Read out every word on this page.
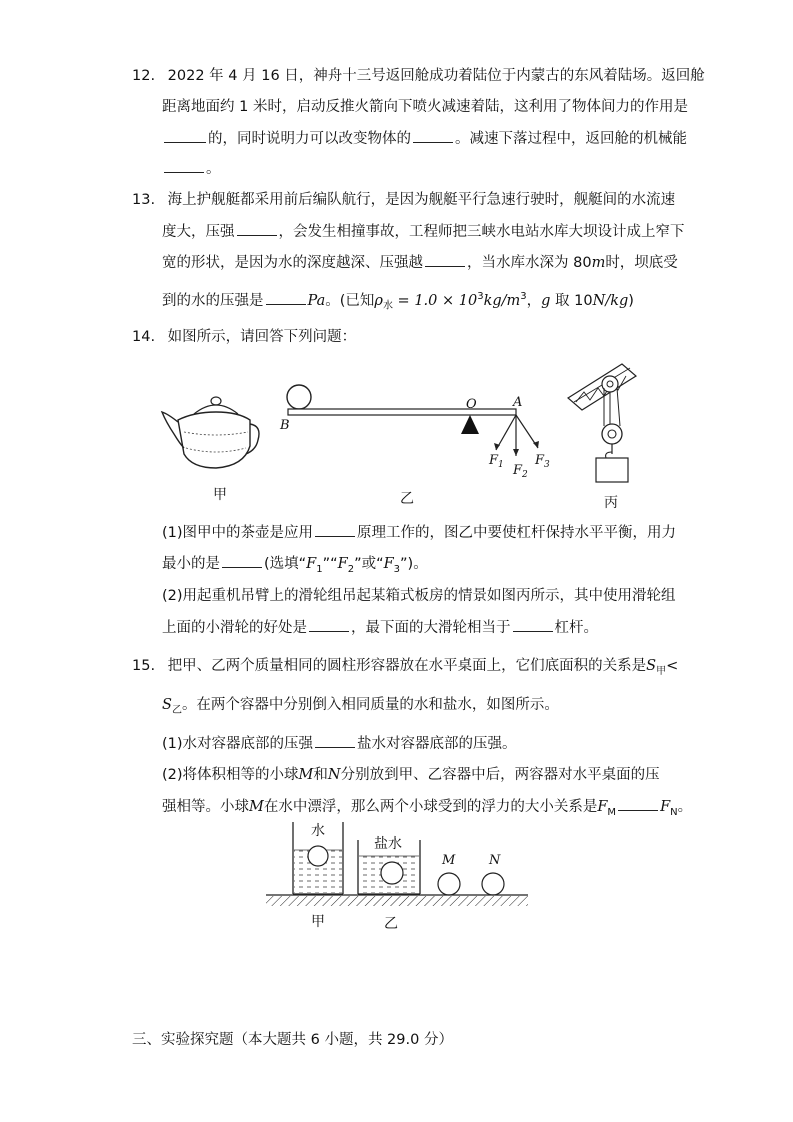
12. 2022 年 4 月 16 日，神舟十三号返回舱成功着陆位于内蒙古的东风着陆场。返回舱
距离地面约 1 米时，启动反推火箭向下喷火减速着陆，这利用了物体间力的作用是
的，同时说明力可以改变物体的	。减速下落过程中，返回舱的机械能
。
13. 海上护舰艇都采用前后编队航行，是因为舰艇平行急速行驶时，舰艇间的水流速
度大，压强	，会发生相撞事故，工程师把三峡水电站水库大坝设计成上窄下
宽的形状，是因为水的深度越深、压强越	，当水库水深为 80m时，坝底受
到的水的压强是	Pa。(已知$\rho_水 = 1.0 \times 10^3kg/m^3$，g 取 10N/kg)
14. 如图所示，请回答下列问题：
甲
B
O	A
$F_1$ $F_2$
$F_3$
乙	丙
(1)图甲中的茶壶是应用	原理工作的，图乙中要使杠杆保持水平平衡，用力
最小的是	(选填“$F_1”“F_2$”或“$F_3$”)。
(2)用起重机吊臂上的滑轮组吊起某箱式板房的情景如图丙所示，其中使用滑轮组
上面的小滑轮的好处是	，最下面的大滑轮相当于	杠杆。
15. 把甲、乙两个质量相同的圆柱形容器放在水平桌面上，它们底面积的关系是$S_甲<$
$S_乙$。在两个容器中分别倒入相同质量的水和盐水，如图所示。
(1)水对容器底部的压强	盐水对容器底部的压强。
(2)将体积相等的小球M和N分别放到甲、乙容器中后，两容器对水平桌面的压
强相等。小球M在水中漂浮，那么两个小球受到的浮力的大小关系是$F_M$	$F_N$。
水
盐水
M	N
甲	乙
三、实验探究题（本大题共 6 小题，共 29.0 分）
